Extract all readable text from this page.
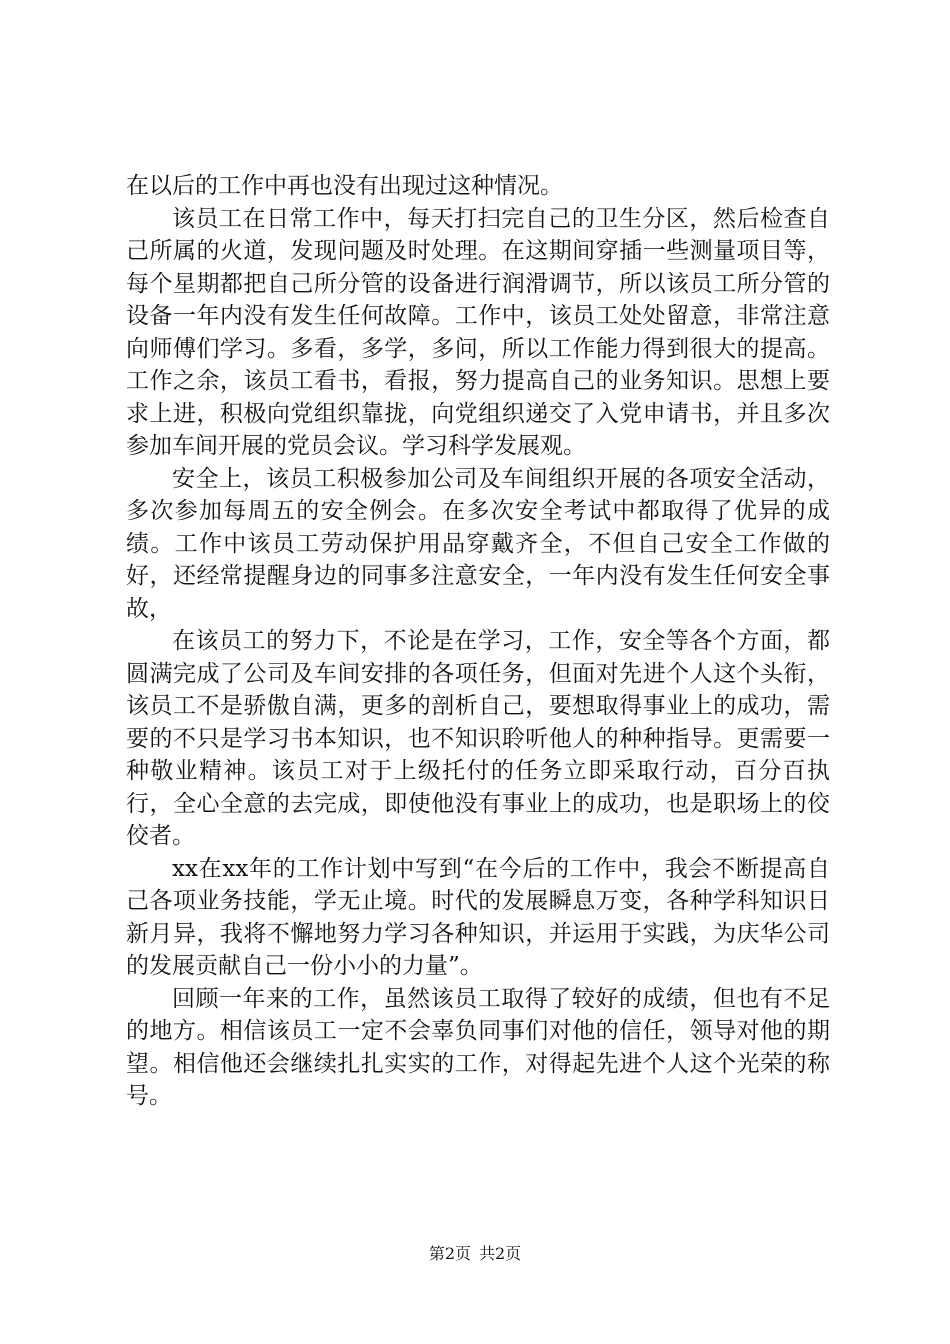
在以后的工作中再也没有出现过这种情况。

该员工在日常工作中，每天打扫完自己的卫生分区，然后检查自己所属的火道，发现问题及时处理。在这期间穿插一些测量项目等，每个星期都把自己所分管的设备进行润滑调节，所以该员工所分管的设备一年内没有发生任何故障。工作中，该员工处处留意，非常注意向师傅们学习。多看，多学，多问，所以工作能力得到很大的提高。工作之余，该员工看书，看报，努力提高自己的业务知识。思想上要求上进，积极向党组织靠拢，向党组织递交了入党申请书，并且多次参加车间开展的党员会议。学习科学发展观。

安全上，该员工积极参加公司及车间组织开展的各项安全活动，多次参加每周五的安全例会。在多次安全考试中都取得了优异的成绩。工作中该员工劳动保护用品穿戴齐全，不但自己安全工作做的好，还经常提醒身边的同事多注意安全，一年内没有发生任何安全事故，

在该员工的努力下，不论是在学习，工作，安全等各个方面，都圆满完成了公司及车间安排的各项任务，但面对先进个人这个头衔，该员工不是骄傲自满，更多的剖析自己，要想取得事业上的成功，需要的不只是学习书本知识，也不知识聆听他人的种种指导。更需要一种敬业精神。该员工对于上级托付的任务立即采取行动，百分百执行，全心全意的去完成，即使他没有事业上的成功，也是职场上的佼佼者。

xx在xx年的工作计划中写到“在今后的工作中，我会不断提高自己各项业务技能，学无止境。时代的发展瞬息万变，各种学科知识日新月异，我将不懈地努力学习各种知识，并运用于实践，为庆华公司的发展贡献自己一份小小的力量”。

回顾一年来的工作，虽然该员工取得了较好的成绩，但也有不足的地方。相信该员工一定不会辜负同事们对他的信任，领导对他的期望。相信他还会继续扎扎实实的工作，对得起先进个人这个光荣的称号。

第2页 共2页
